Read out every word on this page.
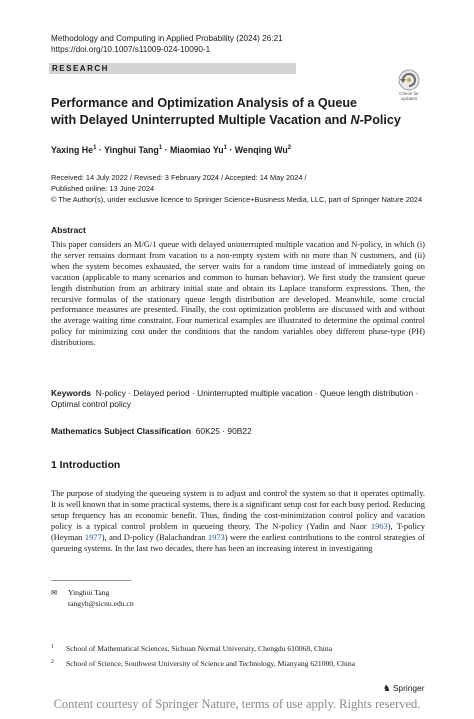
Methodology and Computing in Applied Probability (2024) 26:21
https://doi.org/10.1007/s11009-024-10090-1
RESEARCH
Check for
updates
Performance and Optimization Analysis of a Queue
with Delayed Uninterrupted Multiple Vacation and N-Policy
Yaxing $He^1$ · Yinghui Tang$^1$ · Miaomiao $Yu^1$ · Wenqing Wu$^2$
Received: 14 July 2022 / Revised: 3 February 2024 / Accepted: 14 May 2024 /
Published online: 13 June 2024
© The Author(s), under exclusive licence to Springer Science+Business Media, LLC, part of Springer Nature 2024
Abstract
This paper considers an M/G/1 queue with delayed uninterrupted multiple vacation and N-policy, in which (i) the server remains dormant from vacation to a non-empty system with no more than N customers, and (ii) when the system becomes exhausted, the server waits for a random time instead of immediately going on vacation (applicable to many scenarios and common to human behavior). We first study the transient queue length distribution from an arbitrary initial state and obtain its Laplace transform expressions. Then, the recursive formulas of the stationary queue length distribution are developed. Meanwhile, some crucial performance measures are presented. Finally, the cost optimization problems are discussed with and without the average waiting time constraint. Four numerical examples are illustrated to determine the optimal control policy for minimizing cost under the conditions that the random variables obey different phase-type (PH) distributions.
Keywords N-policy · Delayed period · Uninterrupted multiple vacation · Queue length distribution · Optimal control policy
Mathematics Subject Classification 60K25 · 90B22
1 Introduction
The purpose of studying the queueing system is to adjust and control the system so that it operates optimally. It is well known that in some practical systems, there is a significant setup cost for each busy period. Reducing setup frequency has an economic benefit. Thus, finding the cost-minimization control policy and vacation policy is a typical control problem in queueing theory. The N-policy (Yadin and Naor 1963), T-policy (Heyman 1977), and D-policy (Balachandran 1973) were the earliest contributions to the control strategies of queueing systems. In the last two decades, there has been an increasing interest in investigating
✉ Yinghui Tang
tangyh@sicnu.edu.cn
1 School of Mathematical Sciences, Sichuan Normal University, Chengdu 610068, China
2 School of Science, Southwest University of Science and Technology, Mianyang 621000, China
♞ Springer
Content courtesy of Springer Nature, terms of use apply. Rights reserved.
